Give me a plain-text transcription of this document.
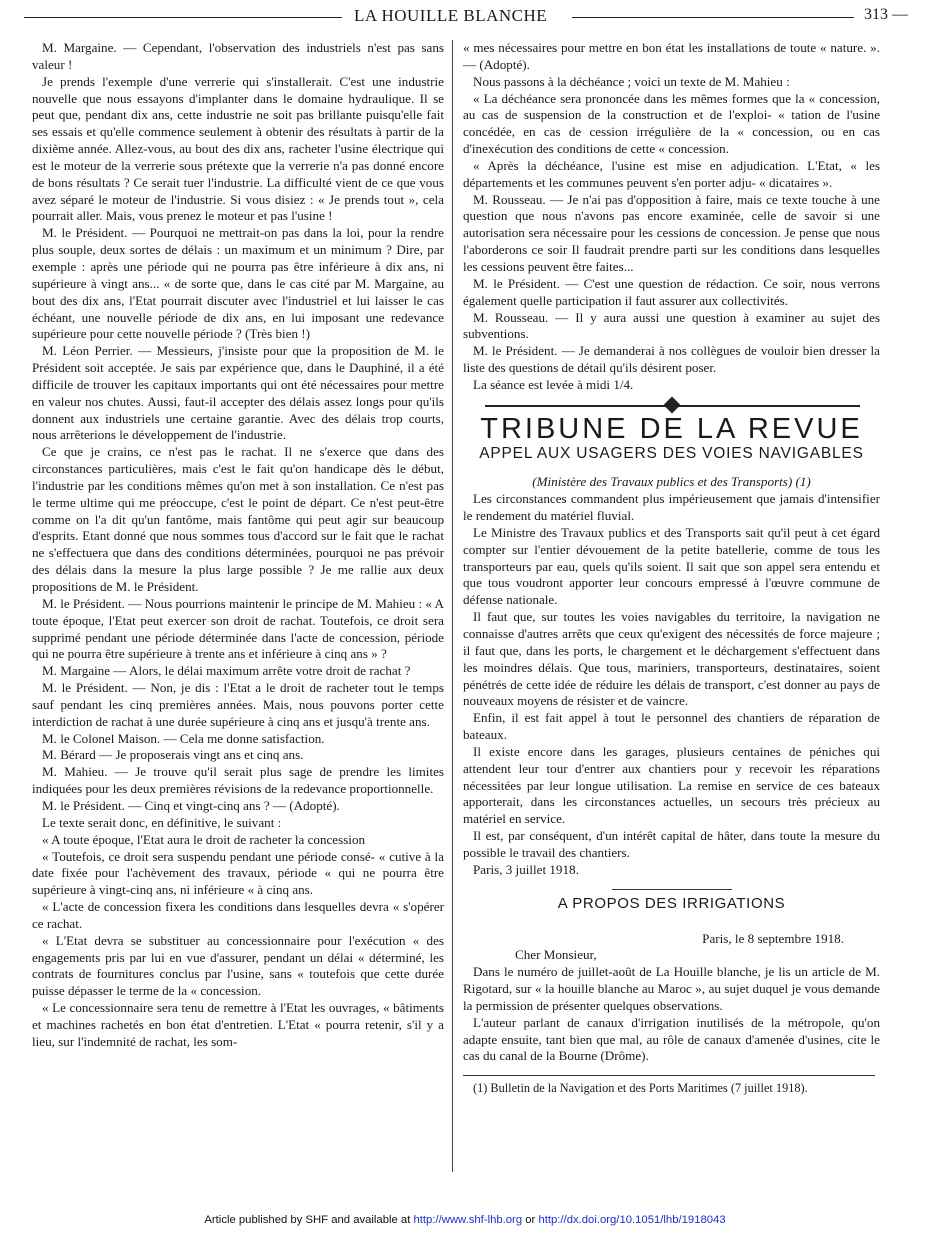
LA HOUILLE BLANCHE	313 —

M. Margaine. — Cependant, l'observation des industriels n'est pas sans valeur !

Je prends l'exemple d'une verrerie qui s'installerait. C'est une industrie nouvelle que nous essayons d'implanter dans le domaine hydraulique. Il se peut que, pendant dix ans, cette industrie ne soit pas brillante puisqu'elle fait ses essais et qu'elle commence seulement à obtenir des résultats à partir de la dixième année. Allez-vous, au bout des dix ans, racheter l'usine électrique qui est le moteur de la verrerie sous prétexte que la verrerie n'a pas donné encore de bons résultats ? Ce serait tuer l'industrie. La difficulté vient de ce que vous avez séparé le moteur de l'industrie. Si vous disiez : « Je prends tout », cela pourrait aller. Mais, vous prenez le moteur et pas l'usine !

M. le Président. — Pourquoi ne mettrait-on pas dans la loi, pour la rendre plus souple, deux sortes de délais : un maximum et un minimum ? Dire, par exemple : après une période qui ne pourra pas être inférieure à dix ans, ni supérieure à vingt ans... « de sorte que, dans le cas cité par M. Margaine, au bout des dix ans, l'Etat pourrait discuter avec l'industriel et lui laisser le cas échéant, une nouvelle période de dix ans, en lui imposant une redevance supérieure pour cette nouvelle période ? (Très bien !)

M. Léon Perrier. — Messieurs, j'insiste pour que la proposition de M. le Président soit acceptée. Je sais par expérience que, dans le Dauphiné, il a été difficile de trouver les capitaux importants qui ont été nécessaires pour mettre en valeur nos chutes. Aussi, faut-il accepter des délais assez longs pour qu'ils donnent aux industriels une certaine garantie. Avec des délais trop courts, nous arrêterions le développement de l'industrie.

Ce que je crains, ce n'est pas le rachat. Il ne s'exerce que dans des circonstances particulières, mais c'est le fait qu'on handicape dès le début, l'industrie par les conditions mêmes qu'on met à son installation. Ce n'est pas le terme ultime qui me préoccupe, c'est le point de départ. Ce n'est peut-être comme on l'a dit qu'un fantôme, mais fantôme qui peut agir sur beaucoup d'esprits. Etant donné que nous sommes tous d'accord sur le fait que le rachat ne s'effectuera que dans des conditions déterminées, pourquoi ne pas prévoir des délais dans la mesure la plus large possible ? Je me rallie aux deux propositions de M. le Président.

M. le Président. — Nous pourrions maintenir le principe de M. Mahieu : « A toute époque, l'Etat peut exercer son droit de rachat. Toutefois, ce droit sera supprimé pendant une période déterminée dans l'acte de concession, période qui ne pourra être supérieure à trente ans et inférieure à cinq ans » ?

M. Margaine — Alors, le délai maximum arrête votre droit de rachat ?

M. le Président. — Non, je dis : l'Etat a le droit de racheter tout le temps sauf pendant les cinq premières années. Mais, nous pouvons porter cette interdiction de rachat à une durée supérieure à cinq ans et jusqu'à trente ans.

M. le Colonel Maison. — Cela me donne satisfaction.

M. Bérard — Je proposerais vingt ans et cinq ans.

M. Mahieu. — Je trouve qu'il serait plus sage de prendre les limites indiquées pour les deux premières révisions de la redevance proportionnelle.

M. le Président. — Cinq et vingt-cinq ans ? — (Adopté).

Le texte serait donc, en définitive, le suivant :

« A toute époque, l'Etat aura le droit de racheter la concession

« Toutefois, ce droit sera suspendu pendant une période consé- « cutive à la date fixée pour l'achèvement des travaux, période « qui ne pourra être supérieure à vingt-cinq ans, ni inférieure « à cinq ans.

« L'acte de concession fixera les conditions dans lesquelles devra « s'opérer ce rachat.

« L'Etat devra se substituer au concessionnaire pour l'exécution « des engagements pris par lui en vue d'assurer, pendant un délai « déterminé, les contrats de fournitures conclus par l'usine, sans « toutefois que cette durée puisse dépasser le terme de la « concession.

« Le concessionnaire sera tenu de remettre à l'Etat les ouvrages, « bâtiments et machines rachetés en bon état d'entretien. L'Etat « pourra retenir, s'il y a lieu, sur l'indemnité de rachat, les som-

« mes nécessaires pour mettre en bon état les installations de toute « nature. ». — (Adopté).

Nous passons à la déchéance ; voici un texte de M. Mahieu :

« La déchéance sera prononcée dans les mêmes formes que la « concession, au cas de suspension de la construction et de l'exploi- « tation de l'usine concédée, en cas de cession irrégulière de la « concession, ou en cas d'inexécution des conditions de cette « concession.

« Après la déchéance, l'usine est mise en adjudication. L'Etat, « les départements et les communes peuvent s'en porter adju- « dicataires ».

M. Rousseau. — Je n'ai pas d'opposition à faire, mais ce texte touche à une question que nous n'avons pas encore examinée, celle de savoir si une autorisation sera nécessaire pour les cessions de concession. Je pense que nous l'aborderons ce soir Il faudrait prendre parti sur les conditions dans lesquelles les cessions peuvent être faites...

M. le Président. — C'est une question de rédaction. Ce soir, nous verrons également quelle participation il faut assurer aux collectivités.

M. Rousseau. — Il y aura aussi une question à examiner au sujet des subventions.

M. le Président. — Je demanderai à nos collègues de vouloir bien dresser la liste des questions de détail qu'ils désirent poser.

La séance est levée à midi 1/4.

TRIBUNE DE LA REVUE
APPEL AUX USAGERS DES VOIES NAVIGABLES

(Ministère des Travaux publics et des Transports) (1)

Les circonstances commandent plus impérieusement que jamais d'intensifier le rendement du matériel fluvial.

Le Ministre des Travaux publics et des Transports sait qu'il peut à cet égard compter sur l'entier dévouement de la petite batellerie, comme de tous les transporteurs par eau, quels qu'ils soient. Il sait que son appel sera entendu et que tous voudront apporter leur concours empressé à l'œuvre commune de défense nationale.

Il faut que, sur toutes les voies navigables du territoire, la navigation ne connaisse d'autres arrêts que ceux qu'exigent des nécessités de force majeure ; il faut que, dans les ports, le chargement et le déchargement s'effectuent dans les moindres délais. Que tous, mariniers, transporteurs, destinataires, soient pénétrés de cette idée de réduire les délais de transport, c'est donner au pays de nouveaux moyens de résister et de vaincre.

Enfin, il est fait appel à tout le personnel des chantiers de réparation de bateaux.

Il existe encore dans les garages, plusieurs centaines de péniches qui attendent leur tour d'entrer aux chantiers pour y recevoir les réparations nécessitées par leur longue utilisation. La remise en service de ces bateaux apporterait, dans les circonstances actuelles, un secours très précieux au matériel en service.

Il est, par conséquent, d'un intérêt capital de hâter, dans toute la mesure du possible le travail des chantiers.

Paris, 3 juillet 1918.

A PROPOS DES IRRIGATIONS

Paris, le 8 septembre 1918.

Cher Monsieur,

Dans le numéro de juillet-août de La Houille blanche, je lis un article de M. Rigotard, sur « la houille blanche au Maroc », au sujet duquel je vous demande la permission de présenter quelques observations.

L'auteur parlant de canaux d'irrigation inutilisés de la métropole, qu'on adapte ensuite, tant bien que mal, au rôle de canaux d'amenée d'usines, cite le cas du canal de la Bourne (Drôme).

(1) Bulletin de la Navigation et des Ports Maritimes (7 juillet 1918).

Article published by SHF and available at http://www.shf-lhb.org or http://dx.doi.org/10.1051/lhb/1918043
